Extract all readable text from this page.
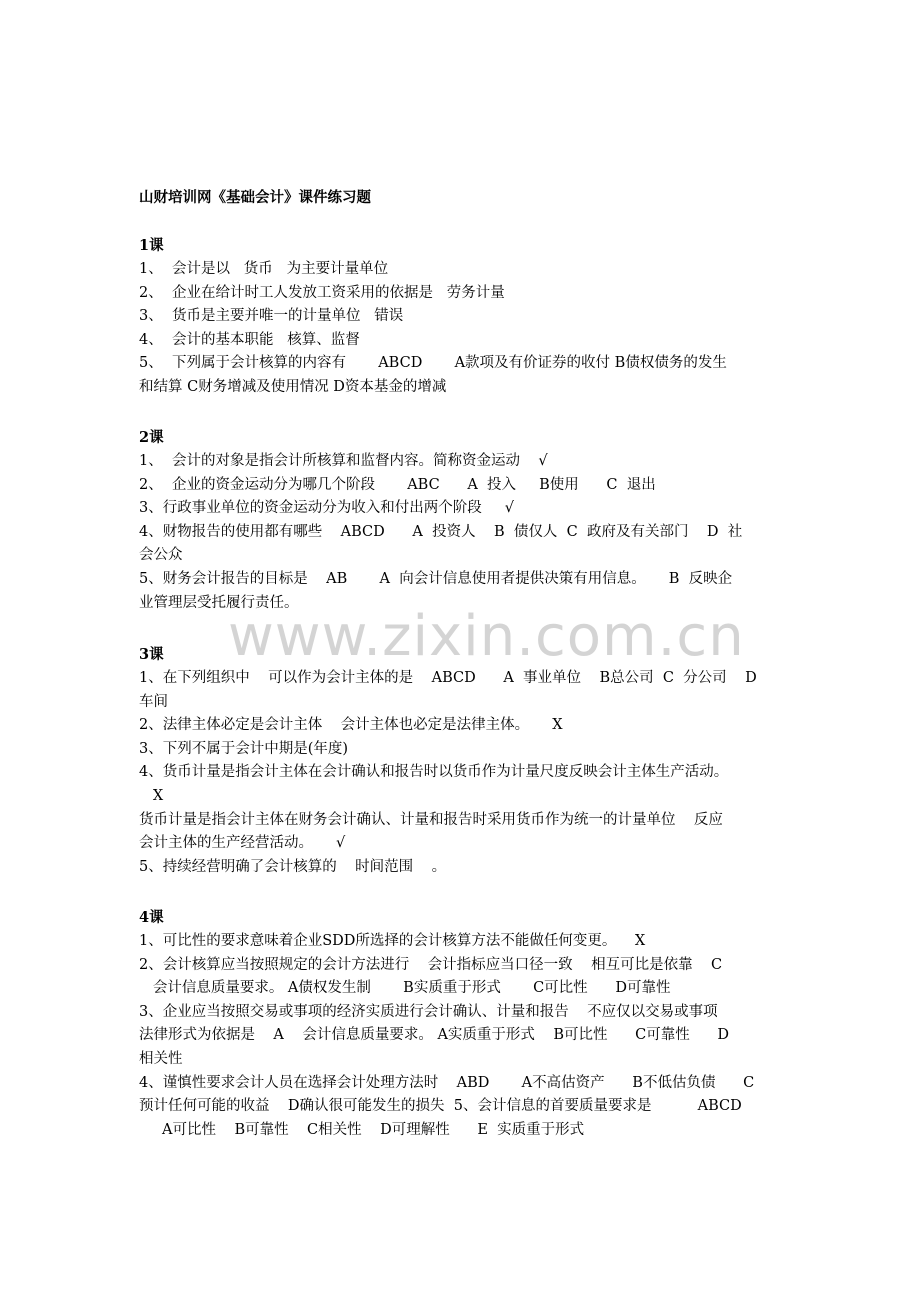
www.zixin.com.cn
山财培训网《基础会计》课件练习题
1课
1、  会计是以   货币   为主要计量单位
2、  企业在给计时工人发放工资采用的依据是   劳务计量
3、  货币是主要并唯一的计量单位   错误
4、  会计的基本职能   核算、监督
5、  下列属于会计核算的内容有       ABCD       A款项及有价证券的收付 B债权债务的发生
和结算 C财务增减及使用情况 D资本基金的增减
2课
1、  会计的对象是指会计所核算和监督内容。简称资金运动    √
2、  企业的资金运动分为哪几个阶段       ABC      A  投入     B使用      C  退出
3、行政事业单位的资金运动分为收入和付出两个阶段     √
4、财物报告的使用都有哪些    ABCD      A  投资人    B  债仅人  C  政府及有关部门    D  社
会公众
5、财务会计报告的目标是    AB       A  向会计信息使用者提供决策有用信息。     B  反映企
业管理层受托履行责任。
3课
1、在下列组织中    可以作为会计主体的是    ABCD      A  事业单位    B总公司  C  分公司    D
车间
2、法律主体必定是会计主体    会计主体也必定是法律主体。     X
3、下列不属于会计中期是(年度)
4、货币计量是指会计主体在会计确认和报告时以货币作为计量尺度反映会计主体生产活动。
X
货币计量是指会计主体在财务会计确认、计量和报告时采用货币作为统一的计量单位    反应
会计主体的生产经营活动。     √
5、持续经营明确了会计核算的    时间范围    。
4课
1、可比性的要求意味着企业SDD所选择的会计核算方法不能做任何变更。    X
2、会计核算应当按照规定的会计方法进行    会计指标应当口径一致    相互可比是依靠    C
会计信息质量要求。 A债权发生制       B实质重于形式       C可比性      D可靠性
3、企业应当按照交易或事项的经济实质进行会计确认、计量和报告    不应仅以交易或事项
法律形式为依据是    A    会计信息质量要求。 A实质重于形式    B可比性      C可靠性      D
相关性
4、谨慎性要求会计人员在选择会计处理方法时    ABD       A不高估资产      B不低估负债      C
预计任何可能的收益    D确认很可能发生的损失  5、会计信息的首要质量要求是          ABCD
A可比性    B可靠性    C相关性    D可理解性      E  实质重于形式
